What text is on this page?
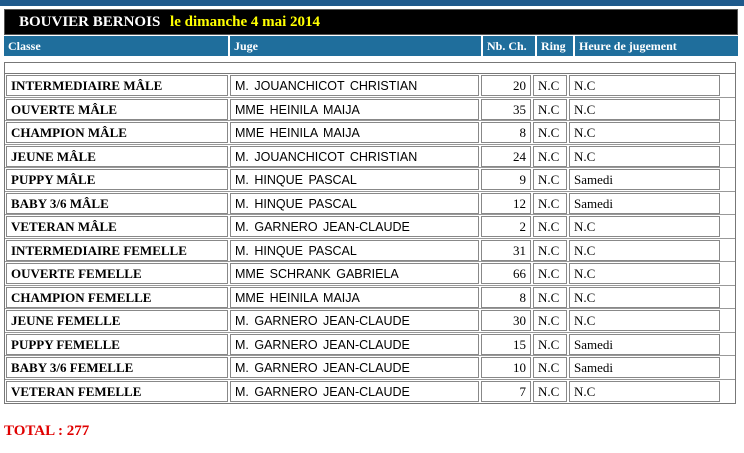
BOUVIER BERNOIS le dimanche 4 mai 2014
Classe	Juge	Nb. Ch.	Ring	Heure de jugement
INTERMEDIAIRE MÂLE	M. JOUANCHICOT CHRISTIAN	20 N.C	N.C
OUVERTE MÂLE	MME HEINILA MAIJA	35 N.C	N.C
CHAMPION MÂLE	MME HEINILA MAIJA	8 N.C	N.C
JEUNE MÂLE	M. JOUANCHICOT CHRISTIAN	24 N.C	N.C
PUPPY MÂLE	M. HINQUE PASCAL	9 N.C	Samedi
BABY 3/6 MÂLE	M. HINQUE PASCAL	12 N.C	Samedi
VETERAN MÂLE	M. GARNERO JEAN-CLAUDE	2 N.C	N.C
INTERMEDIAIRE FEMELLE	M. HINQUE PASCAL	31 N.C	N.C
OUVERTE FEMELLE	MME SCHRANK GABRIELA	66 N.C	N.C
CHAMPION FEMELLE	MME HEINILA MAIJA	8 N.C	N.C
JEUNE FEMELLE	M. GARNERO JEAN-CLAUDE	30 N.C	N.C
PUPPY FEMELLE	M. GARNERO JEAN-CLAUDE	15 N.C	Samedi
BABY 3/6 FEMELLE	M. GARNERO JEAN-CLAUDE	10 N.C	Samedi
VETERAN FEMELLE	M. GARNERO JEAN-CLAUDE	7 N.C	N.C
TOTAL : 277
